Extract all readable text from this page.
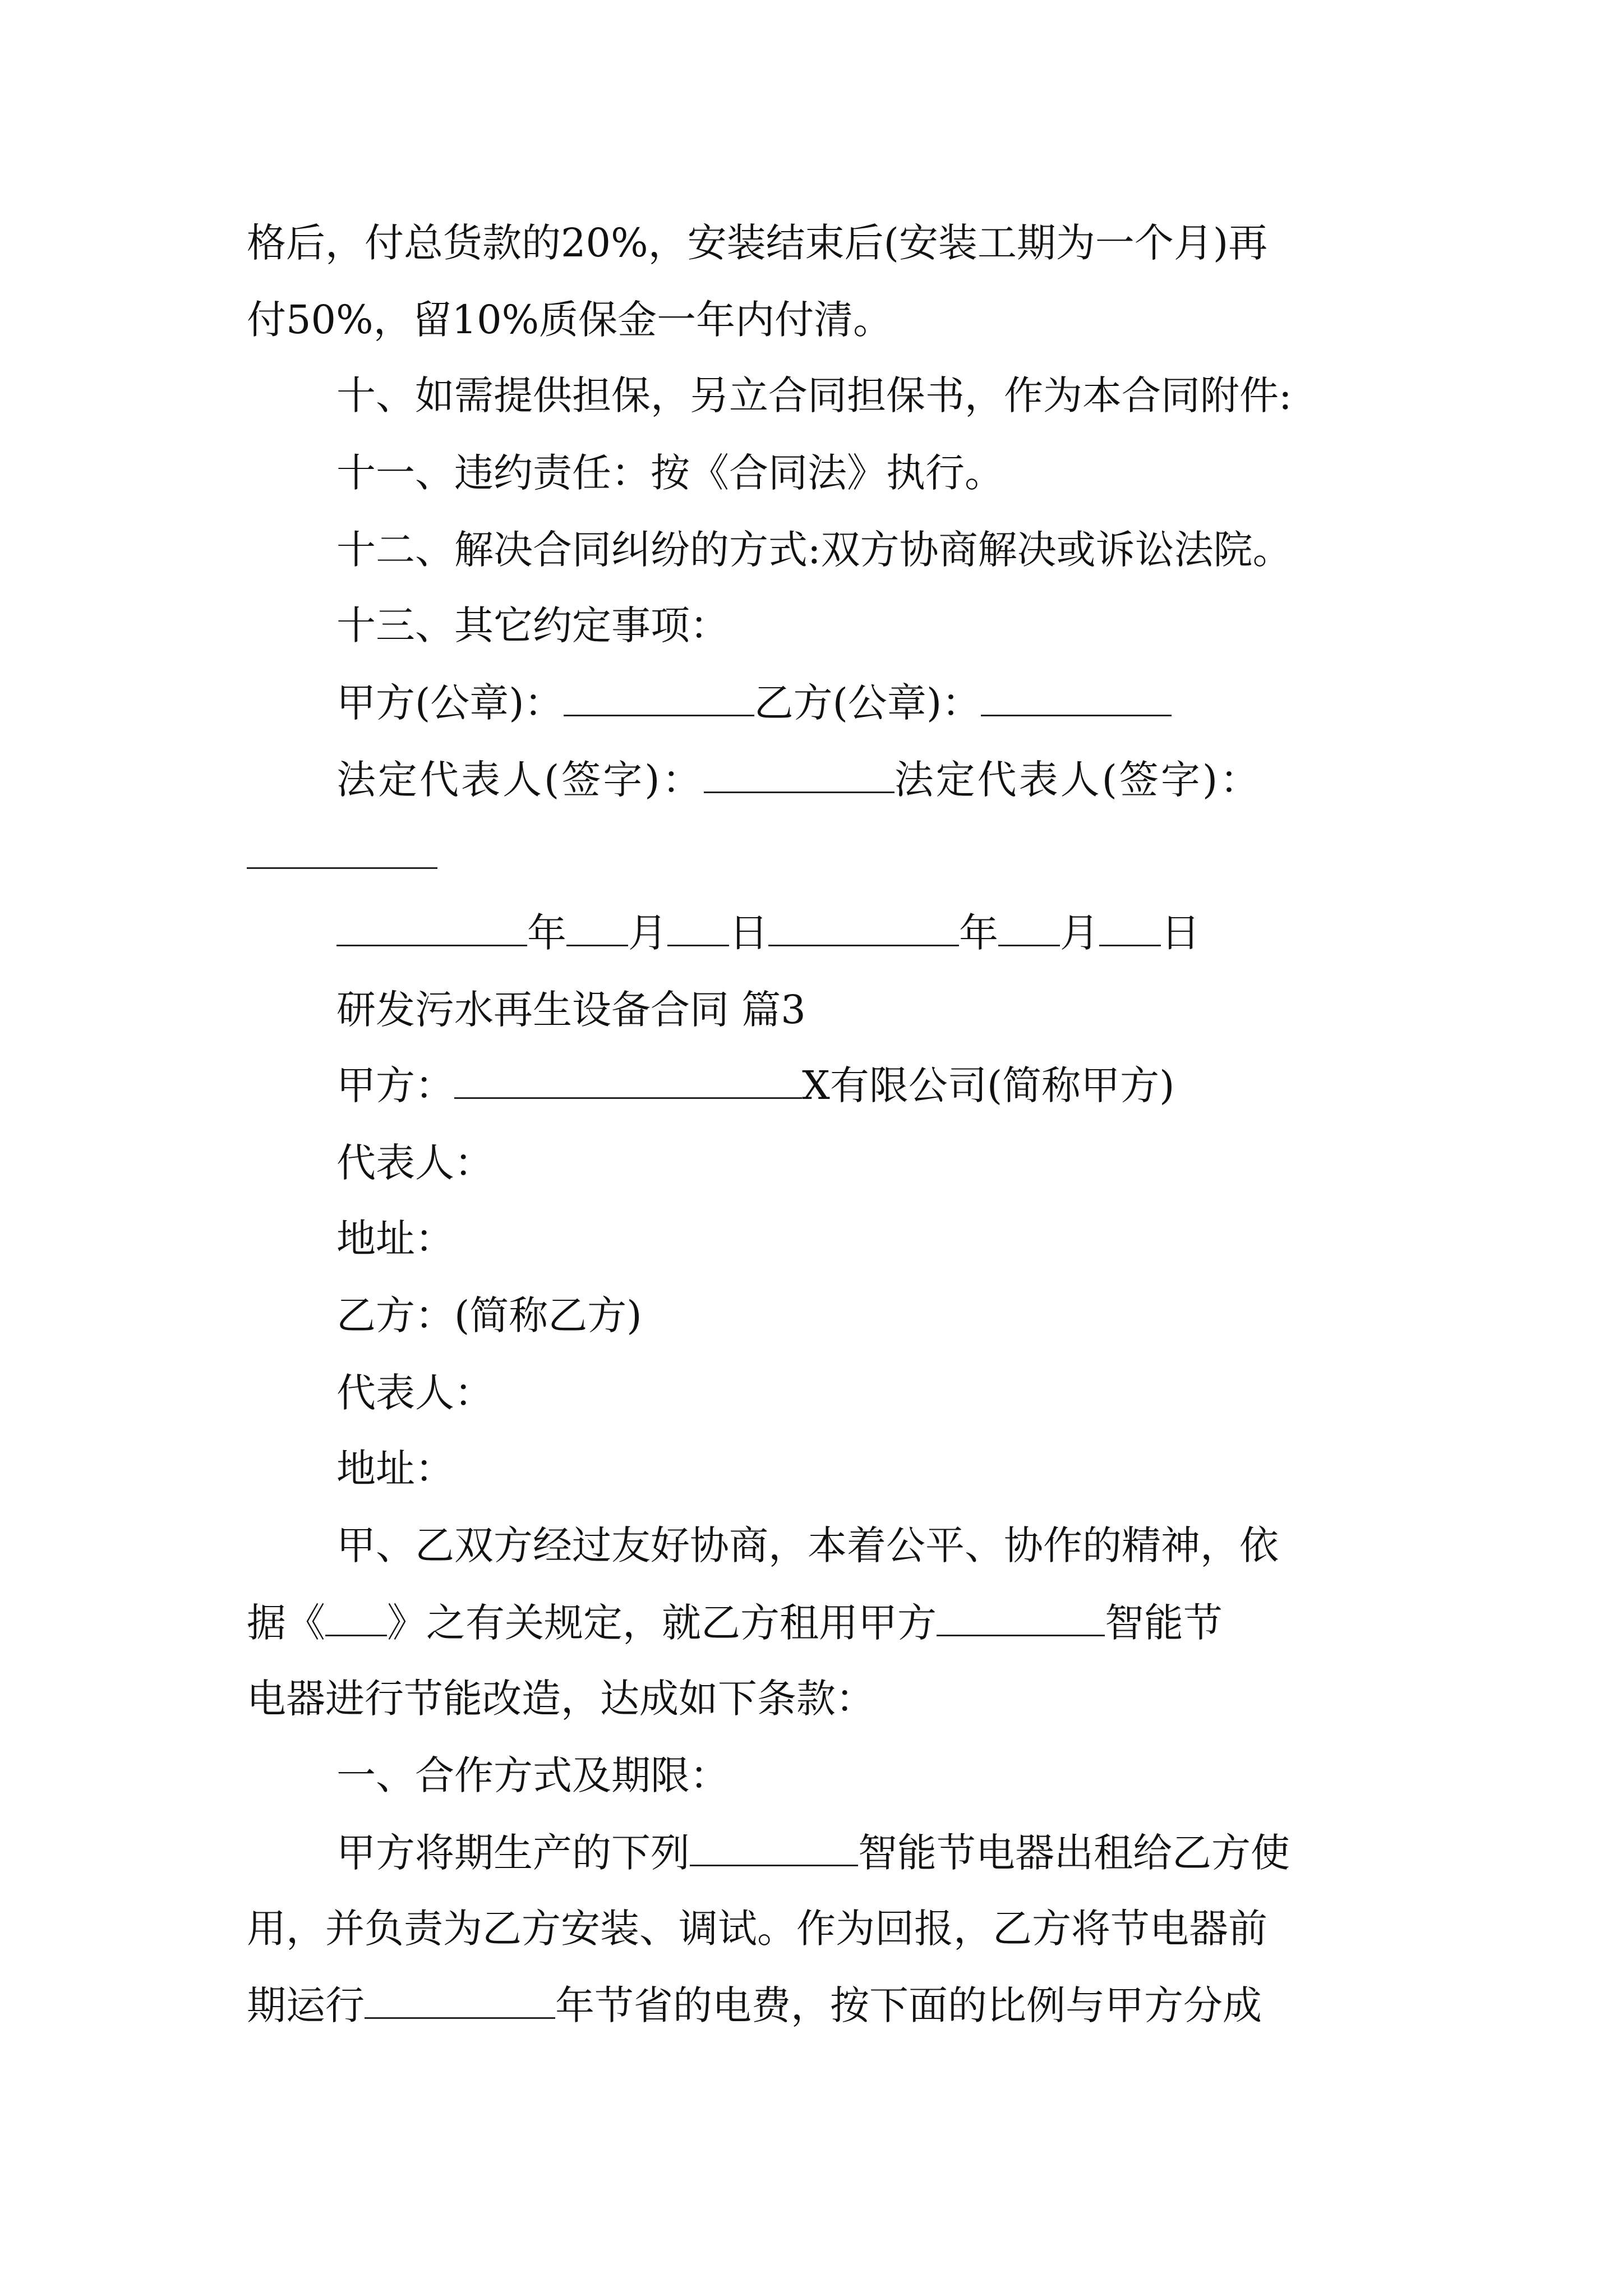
格后，付总货款的20%，安装结束后(安装工期为一个月)再
付50%，留10%质保金一年内付清。
十、如需提供担保，另立合同担保书，作为本合同附件:
十一、违约责任：按《合同法》执行。
十二、解决合同纠纷的方式:双方协商解决或诉讼法院。
十三、其它约定事项：
甲方(公章)：	乙方(公章)：
法定代表人(签字)：	法定代表人(签字)：
年 月 日	年 月 日
研发污水再生设备合同 篇3
甲方：	X有限公司(简称甲方)
代表人：
地址：
乙方：(简称乙方)
代表人：
地址：
甲、乙双方经过友好协商，本着公平、协作的精神，依
据《 》之有关规定，就乙方租用甲方	智能节
电器进行节能改造，达成如下条款：
一、合作方式及期限：
甲方将期生产的下列	智能节电器出租给乙方使
用，并负责为乙方安装、调试。作为回报，乙方将节电器前
期运行	年节省的电费，按下面的比例与甲方分成
